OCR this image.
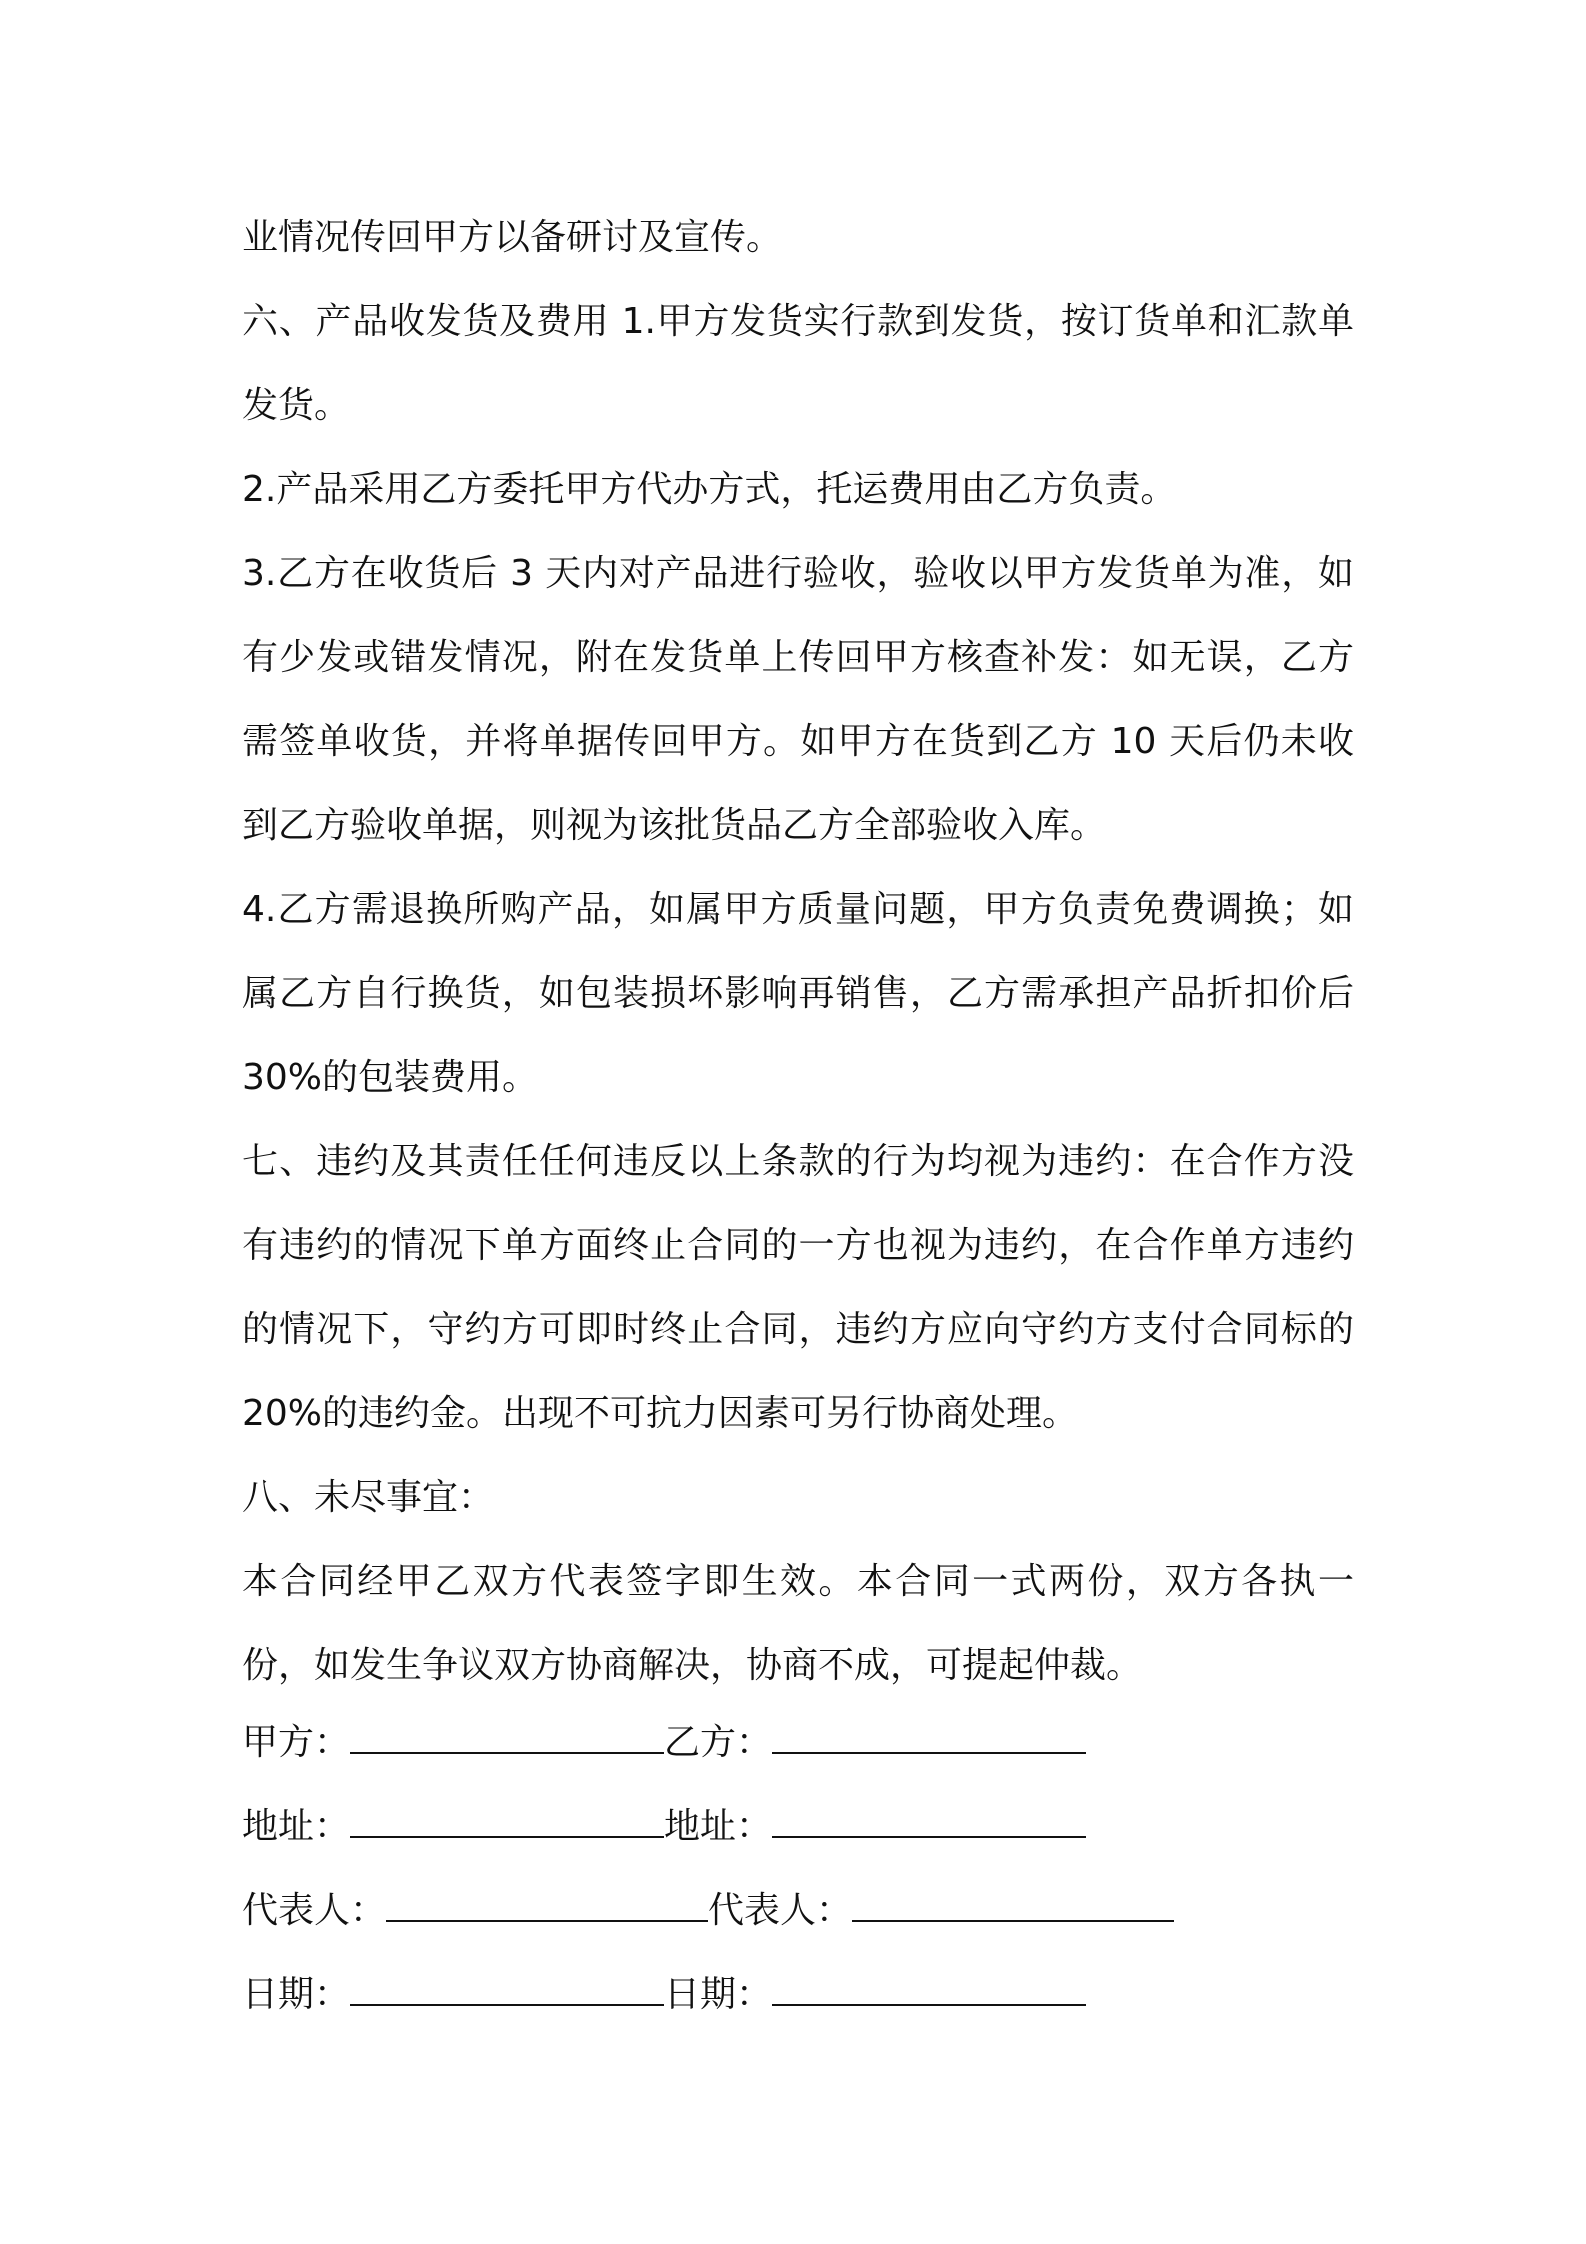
业情况传回甲方以备研讨及宣传。

六、产品收发货及费用 1.甲方发货实行款到发货，按订货单和汇款单发货。

2.产品采用乙方委托甲方代办方式，托运费用由乙方负责。

3.乙方在收货后 3 天内对产品进行验收，验收以甲方发货单为准，如有少发或错发情况，附在发货单上传回甲方核查补发：如无误，乙方需签单收货，并将单据传回甲方。如甲方在货到乙方 10 天后仍未收到乙方验收单据，则视为该批货品乙方全部验收入库。

4.乙方需退换所购产品，如属甲方质量问题，甲方负责免费调换；如属乙方自行换货，如包装损坏影响再销售，乙方需承担产品折扣价后 30%的包装费用。

七、违约及其责任任何违反以上条款的行为均视为违约：在合作方没有违约的情况下单方面终止合同的一方也视为违约，在合作单方违约的情况下，守约方可即时终止合同，违约方应向守约方支付合同标的 20%的违约金。出现不可抗力因素可另行协商处理。

八、未尽事宜：

本合同经甲乙双方代表签字即生效。本合同一式两份，双方各执一份，如发生争议双方协商解决，协商不成，可提起仲裁。

甲方：	乙方：
地址：	地址：
代表人：	代表人：
日期：	日期：
